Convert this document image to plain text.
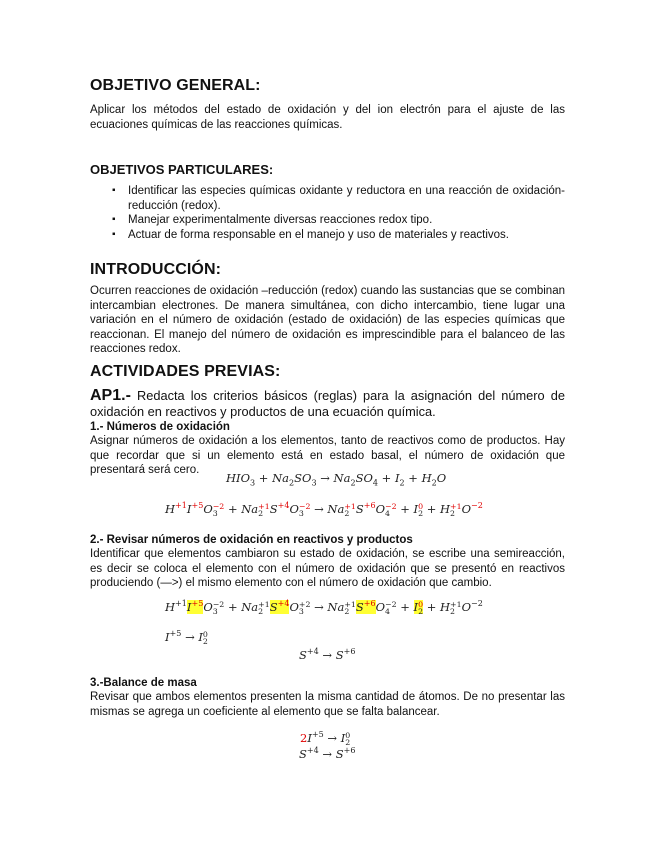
OBJETIVO GENERAL:
Aplicar los métodos del estado de oxidación y del ion electrón para el ajuste de las ecuaciones químicas de las reacciones químicas.
OBJETIVOS PARTICULARES:
▪ Identificar las especies químicas oxidante y reductora en una reacción de oxidación-reducción (redox).
▪ Manejar experimentalmente diversas reacciones redox tipo.
▪ Actuar de forma responsable en el manejo y uso de materiales y reactivos.
INTRODUCCIÓN:
Ocurren reacciones de oxidación –reducción (redox) cuando las sustancias que se combinan intercambian electrones. De manera simultánea, con dicho intercambio, tiene lugar una variación en el número de oxidación (estado de oxidación) de las especies químicas que reaccionan. El manejo del número de oxidación es imprescindible para el balanceo de las reacciones redox.
ACTIVIDADES PREVIAS:
AP1.- Redacta los criterios básicos (reglas) para la asignación del número de oxidación en reactivos y productos de una ecuación química.
1.- Números de oxidación
Asignar números de oxidación a los elementos, tanto de reactivos como de productos. Hay que recordar que si un elemento está en estado basal, el número de oxidación que presentará será cero.
$HIO_3 + Na_2SO_3 \to Na_2SO_4 + I_2 + H_2O$
$H^{+1}I^{+5}O -2$
3 + Na +1
2 $S^{+4}O -2$
3 → Na +1
2 $S^{+6}O -2$
4 + I 0
2 + H +1
2 $O^{-2}$
2.- Revisar números de oxidación en reactivos y productos
Identificar que elementos cambiaron su estado de oxidación, se escribe una semireacción, es decir se coloca el elemento con el número de oxidación que se presentó en reactivos produciendo (—>) el mismo elemento con el número de oxidación que cambio.
$H^{+1}I^{+5}O -2$
3 + Na +1
2 $S^{+4}O +2$
3 → Na +1
2 $S^{+6}O -2$
4 + I 0
2 + H +1
2 $O^{-2}$
$I^{+5} \to I$ 0
2
$S^{+4} \to S^{+6}$
3.-Balance de masa
Revisar que ambos elementos presenten la misma cantidad de átomos. De no presentar las mismas se agrega un coeficiente al elemento que se falta balancear.
$2I^{+5} \to I$ 0
2
$S^{+4} \to S^{+6}$
